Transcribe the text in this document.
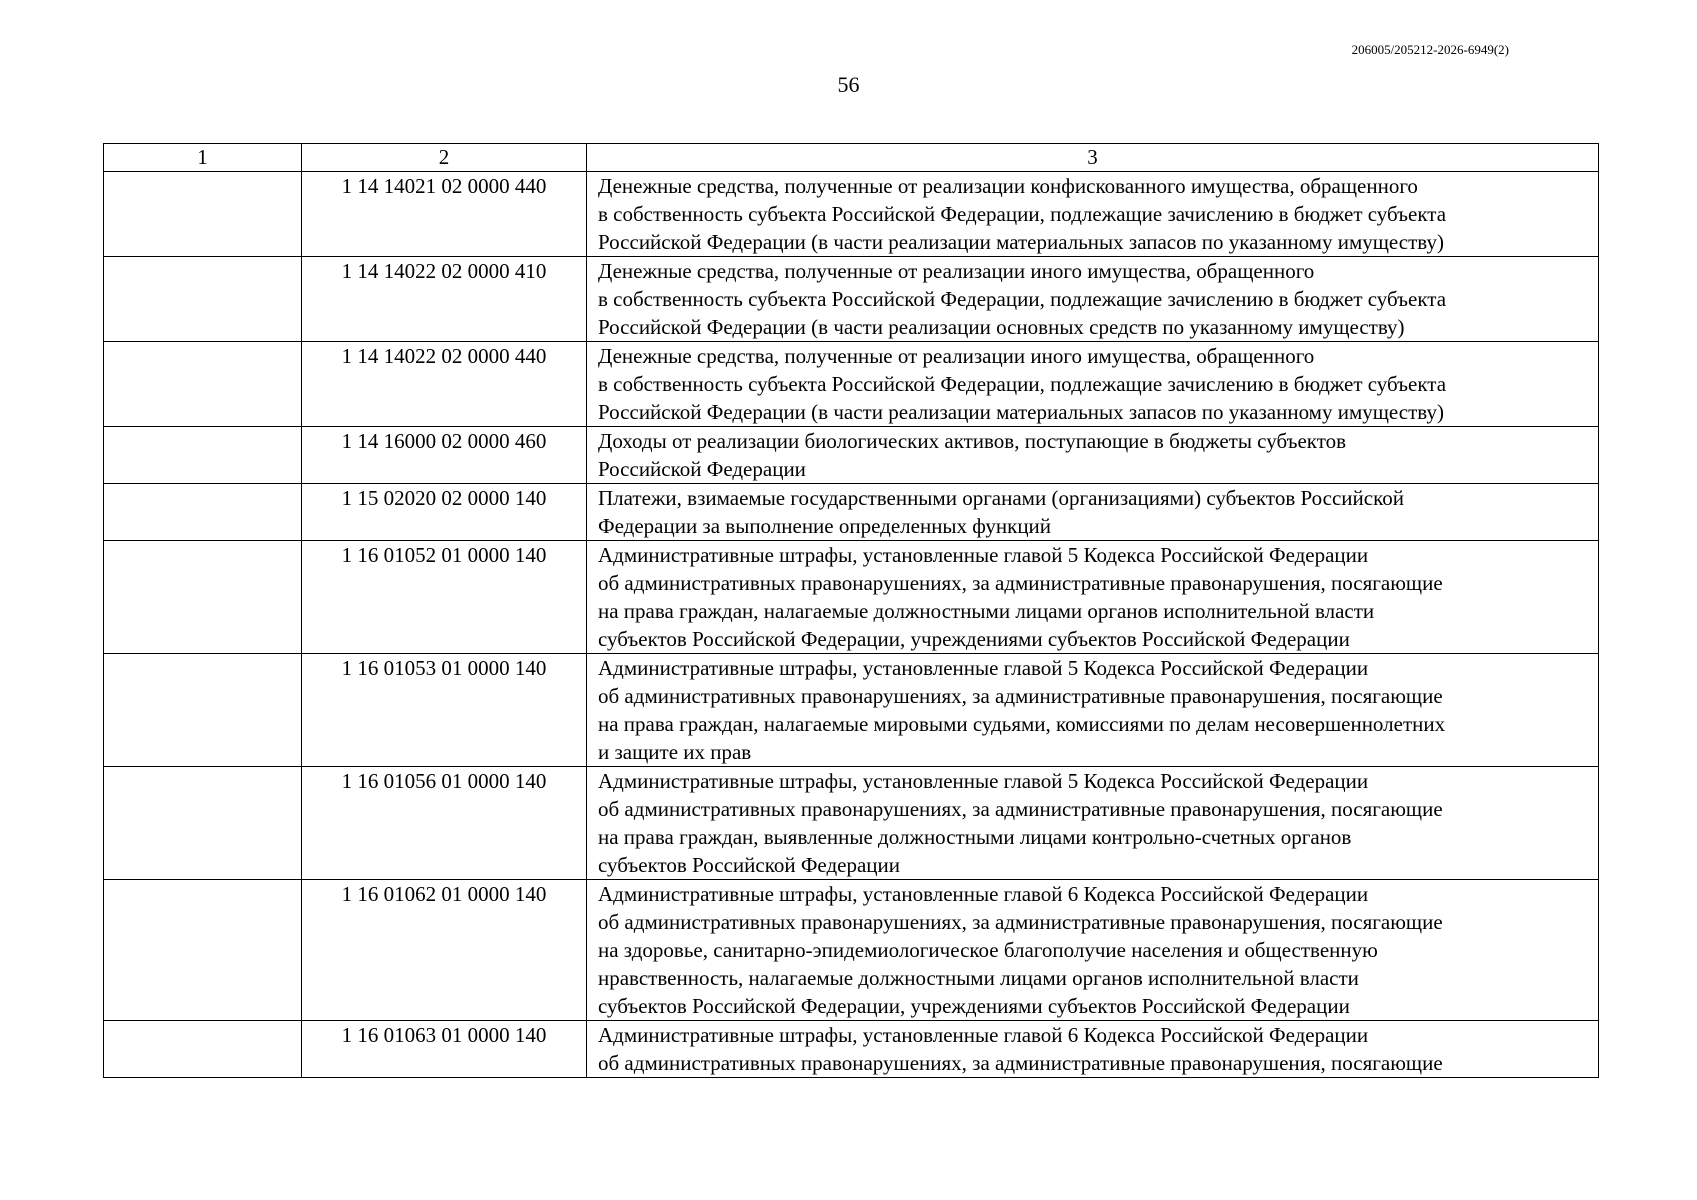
206005/205212-2026-6949(2)
56
1	2	3
	1 14 14021 02 0000 440	Денежные средства, полученные от реализации конфискованного имущества, обращенного
в собственность субъекта Российской Федерации, подлежащие зачислению в бюджет субъекта
Российской Федерации (в части реализации материальных запасов по указанному имуществу)
	1 14 14022 02 0000 410	Денежные средства, полученные от реализации иного имущества, обращенного
в собственность субъекта Российской Федерации, подлежащие зачислению в бюджет субъекта
Российской Федерации (в части реализации основных средств по указанному имуществу)
	1 14 14022 02 0000 440	Денежные средства, полученные от реализации иного имущества, обращенного
в собственность субъекта Российской Федерации, подлежащие зачислению в бюджет субъекта
Российской Федерации (в части реализации материальных запасов по указанному имуществу)
	1 14 16000 02 0000 460	Доходы от реализации биологических активов, поступающие в бюджеты субъектов
Российской Федерации
	1 15 02020 02 0000 140	Платежи, взимаемые государственными органами (организациями) субъектов Российской
Федерации за выполнение определенных функций
	1 16 01052 01 0000 140	Административные штрафы, установленные главой 5 Кодекса Российской Федерации
об административных правонарушениях, за административные правонарушения, посягающие
на права граждан, налагаемые должностными лицами органов исполнительной власти
субъектов Российской Федерации, учреждениями субъектов Российской Федерации
	1 16 01053 01 0000 140	Административные штрафы, установленные главой 5 Кодекса Российской Федерации
об административных правонарушениях, за административные правонарушения, посягающие
на права граждан, налагаемые мировыми судьями, комиссиями по делам несовершеннолетних
и защите их прав
	1 16 01056 01 0000 140	Административные штрафы, установленные главой 5 Кодекса Российской Федерации
об административных правонарушениях, за административные правонарушения, посягающие
на права граждан, выявленные должностными лицами контрольно-счетных органов
субъектов Российской Федерации
	1 16 01062 01 0000 140	Административные штрафы, установленные главой 6 Кодекса Российской Федерации
об административных правонарушениях, за административные правонарушения, посягающие
на здоровье, санитарно-эпидемиологическое благополучие населения и общественную
нравственность, налагаемые должностными лицами органов исполнительной власти
субъектов Российской Федерации, учреждениями субъектов Российской Федерации
	1 16 01063 01 0000 140	Административные штрафы, установленные главой 6 Кодекса Российской Федерации
об административных правонарушениях, за административные правонарушения, посягающие
